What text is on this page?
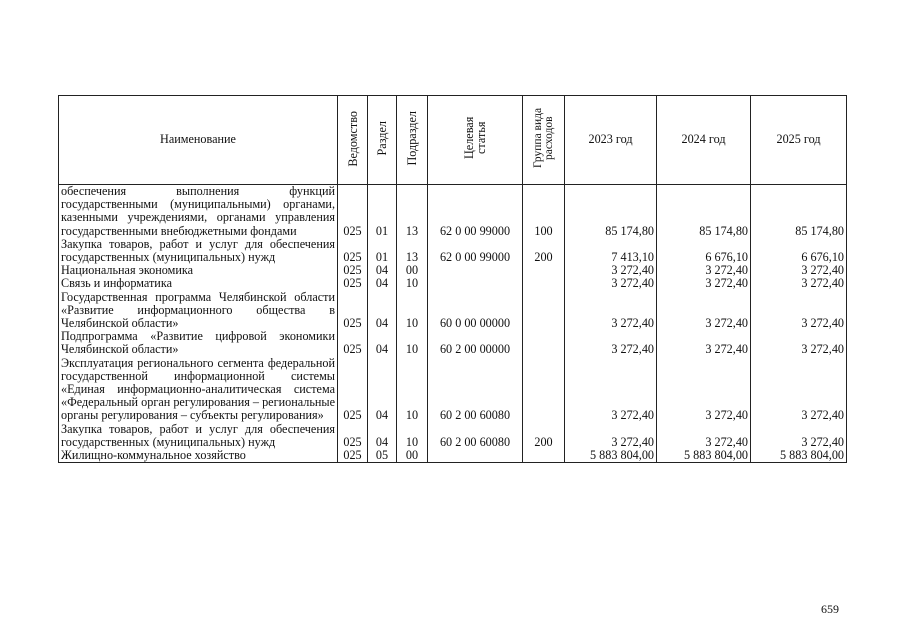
Наименование	Ведомство	Раздел	Подраздел	Целевая статья	Группа вида расходов	2023 год	2024 год	2025 год
обеспечения выполнения функций государственными (муниципальными) органами, казенными учреждениями, органами управления государственными внебюджетными фондами	025	01	13	62 0 00 99000	100	85 174,80	85 174,80	85 174,80
Закупка товаров, работ и услуг для обеспечения государственных (муниципальных) нужд	025	01	13	62 0 00 99000	200	7 413,10	6 676,10	6 676,10
Национальная экономика	025	04	00			3 272,40	3 272,40	3 272,40
Связь и информатика	025	04	10			3 272,40	3 272,40	3 272,40
Государственная программа Челябинской области «Развитие информационного общества в Челябинской области»	025	04	10	60 0 00 00000		3 272,40	3 272,40	3 272,40
Подпрограмма «Развитие цифровой экономики Челябинской области»	025	04	10	60 2 00 00000		3 272,40	3 272,40	3 272,40
Эксплуатация регионального сегмента федеральной государственной информационной системы «Единая информационно-аналитическая система «Федеральный орган регулирования – региональные органы регулирования – субъекты регулирования»	025	04	10	60 2 00 60080		3 272,40	3 272,40	3 272,40
Закупка товаров, работ и услуг для обеспечения государственных (муниципальных) нужд	025	04	10	60 2 00 60080	200	3 272,40	3 272,40	3 272,40
Жилищно-коммунальное хозяйство	025	05	00			5 883 804,00	5 883 804,00	5 883 804,00
659
